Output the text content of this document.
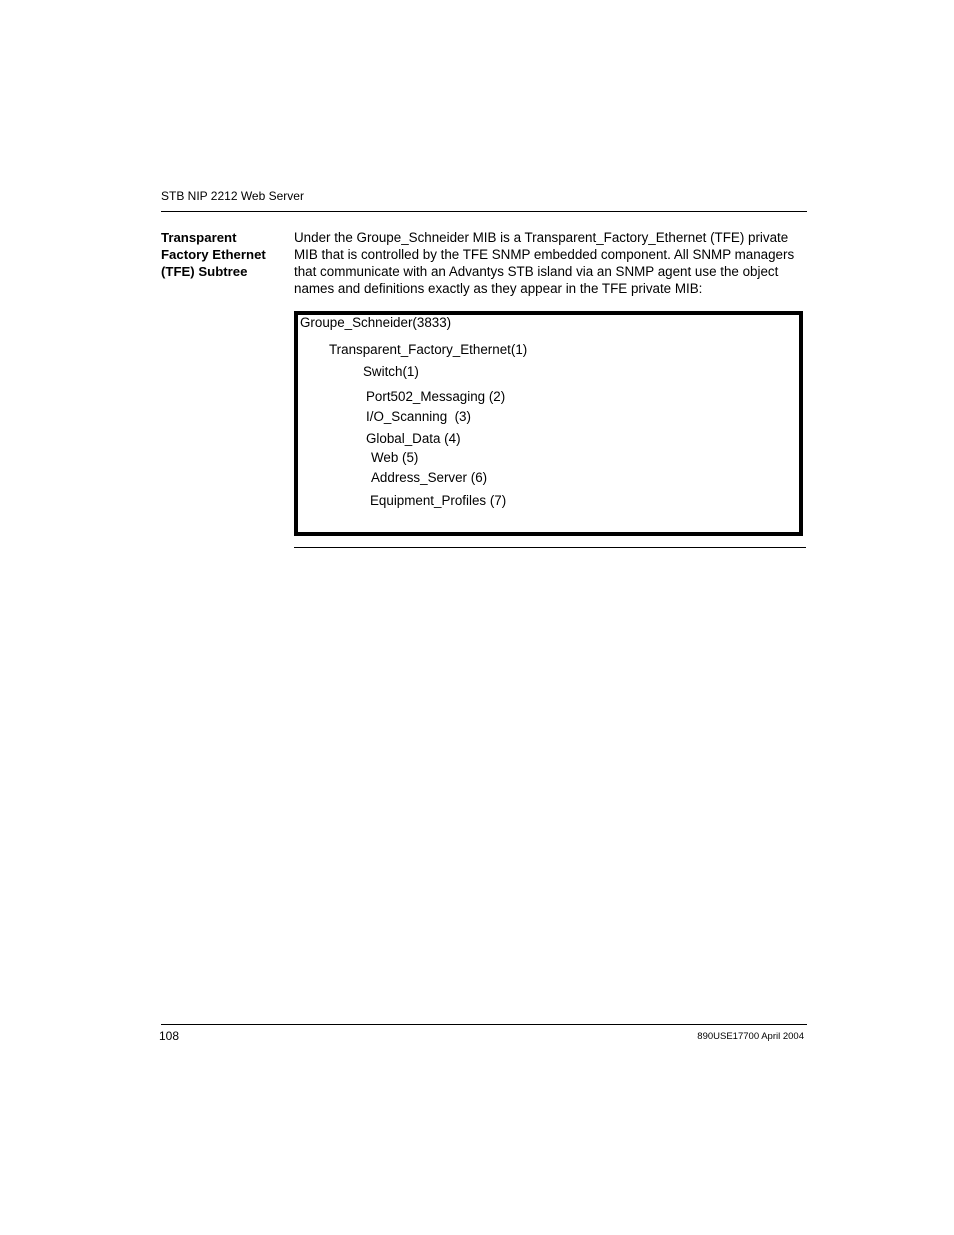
STB NIP 2212 Web Server
Transparent Factory Ethernet (TFE) Subtree
Under the Groupe_Schneider MIB is a Transparent_Factory_Ethernet (TFE) private MIB that is controlled by the TFE SNMP embedded component. All SNMP managers that communicate with an Advantys STB island via an SNMP agent use the object names and definitions exactly as they appear in the TFE private MIB:
Groupe_Schneider(3833)
Transparent_Factory_Ethernet(1)
Switch(1)
Port502_Messaging (2)
I/O_Scanning  (3)
Global_Data (4)
Web (5)
Address_Server (6)
Equipment_Profiles (7)
108	890USE17700 April 2004
